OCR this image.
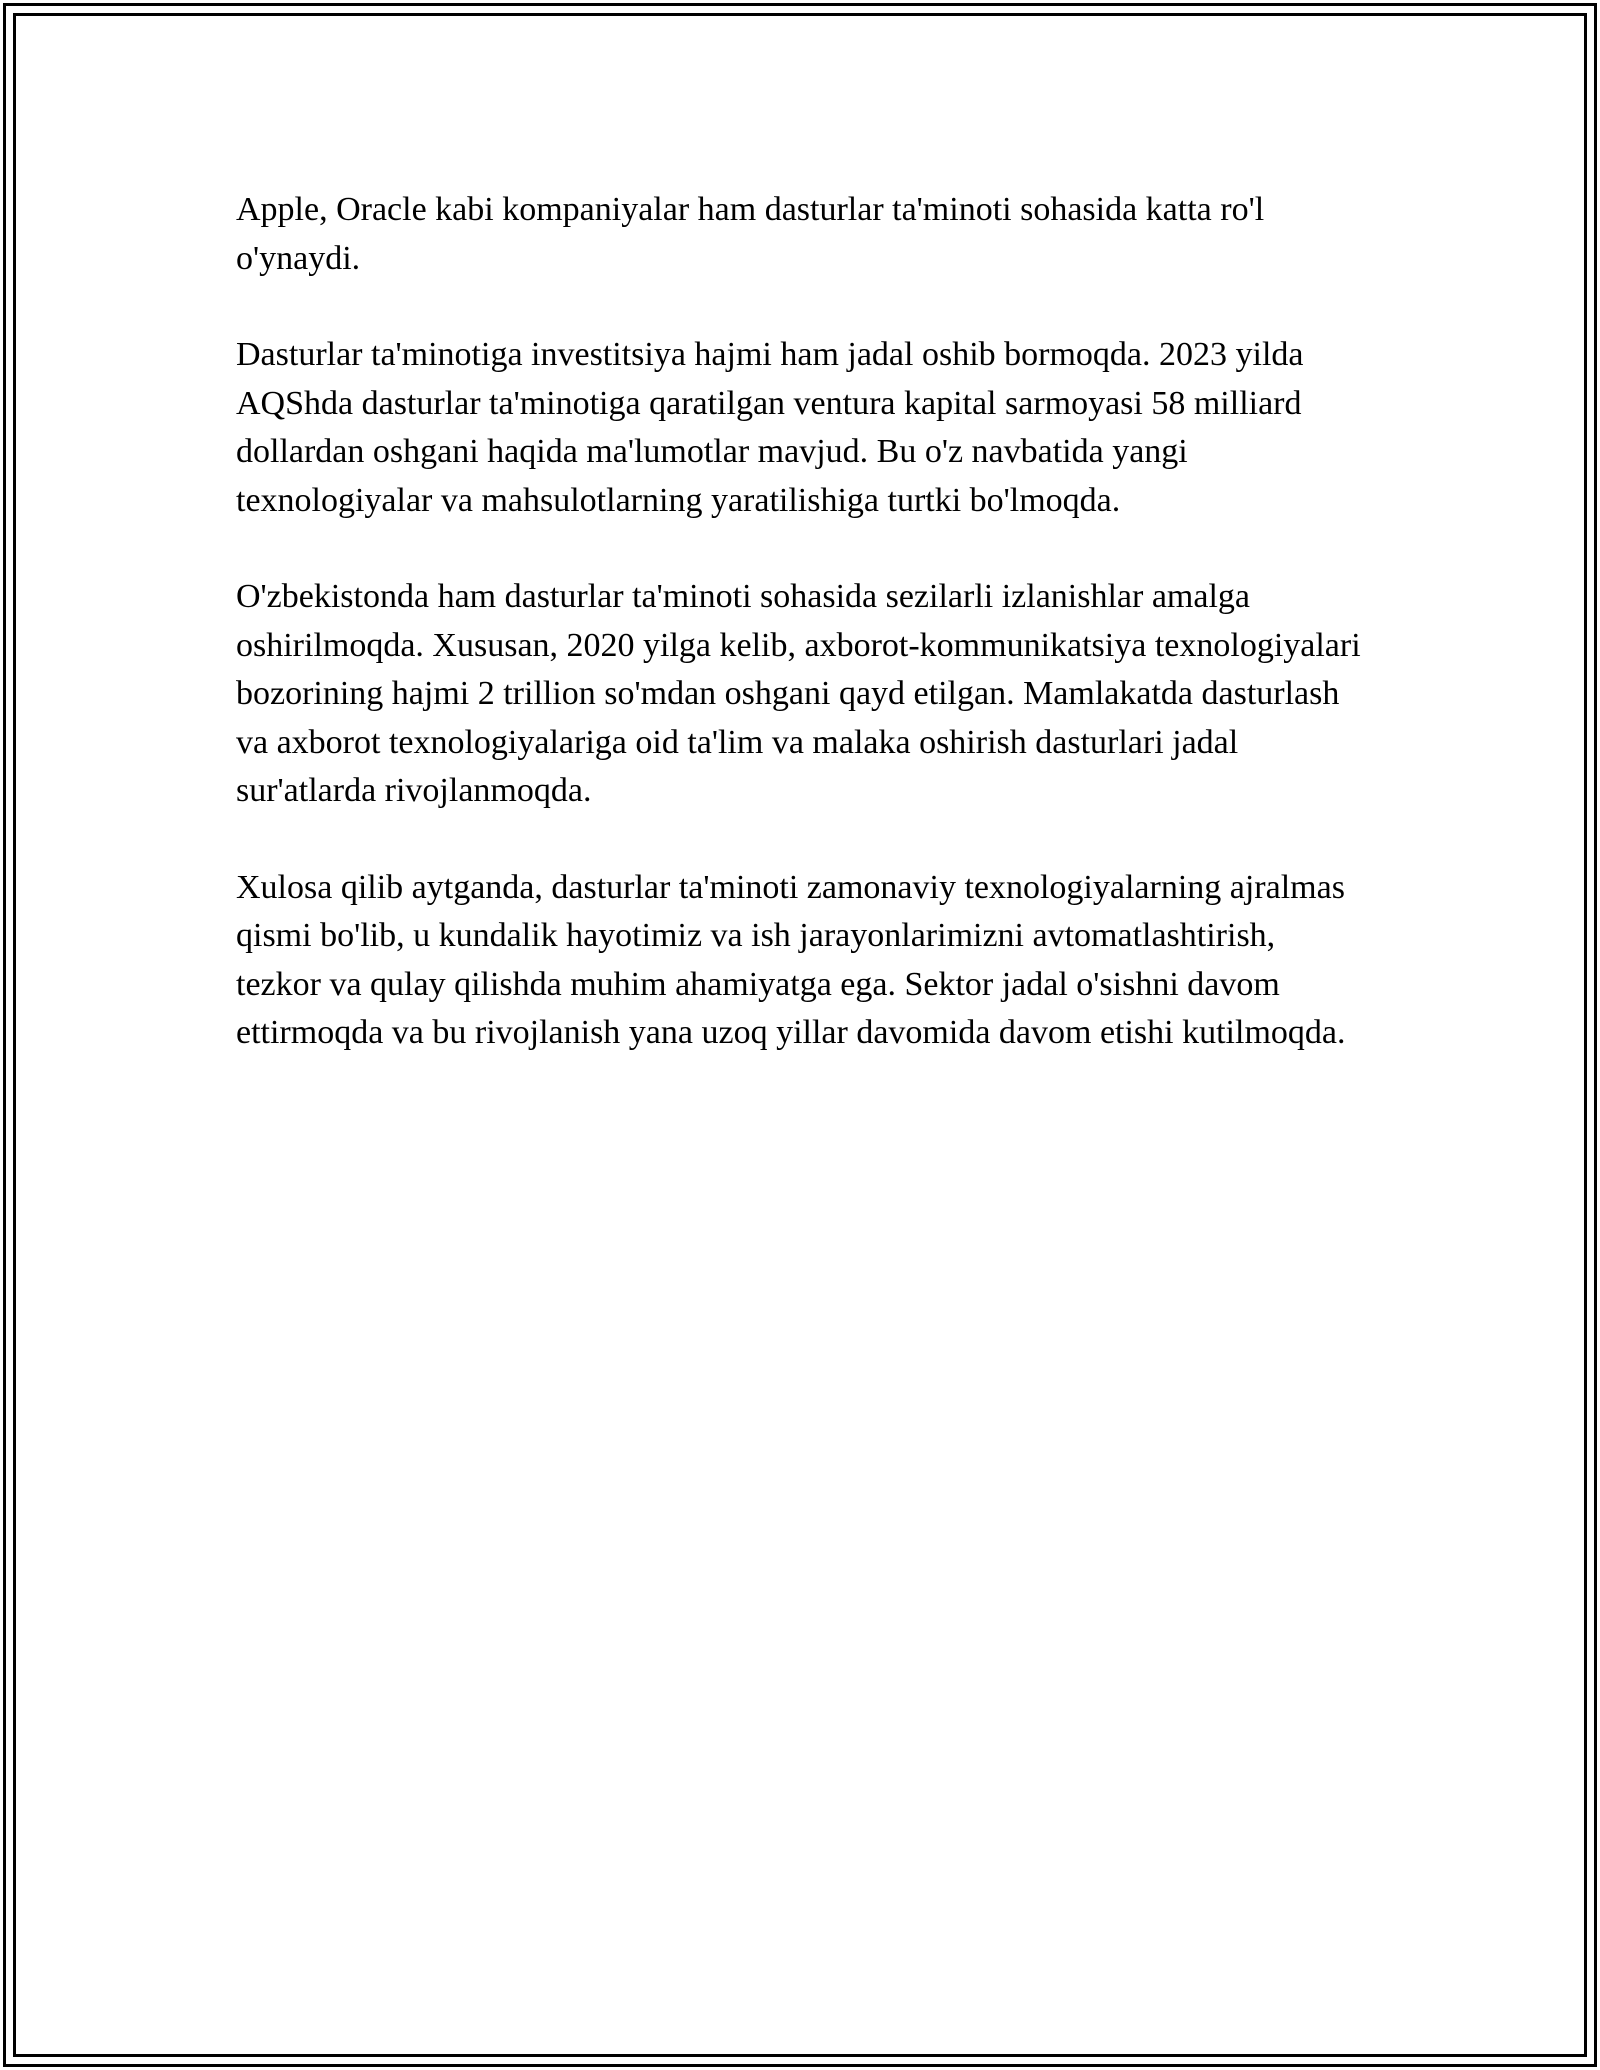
Apple, Oracle kabi kompaniyalar ham dasturlar ta'minoti sohasida katta ro'l o'ynaydi.

Dasturlar ta'minotiga investitsiya hajmi ham jadal oshib bormoqda. 2023 yilda AQShda dasturlar ta'minotiga qaratilgan ventura kapital sarmoyasi 58 milliard dollardan oshgani haqida ma'lumotlar mavjud. Bu o'z navbatida yangi texnologiyalar va mahsulotlarning yaratilishiga turtki bo'lmoqda.

O'zbekistonda ham dasturlar ta'minoti sohasida sezilarli izlanishlar amalga oshirilmoqda. Xususan, 2020 yilga kelib, axborot-kommunikatsiya texnologiyalari bozorining hajmi 2 trillion so'mdan oshgani qayd etilgan. Mamlakatda dasturlash va axborot texnologiyalariga oid ta'lim va malaka oshirish dasturlari jadal sur'atlarda rivojlanmoqda.

Xulosa qilib aytganda, dasturlar ta'minoti zamonaviy texnologiyalarning ajralmas qismi bo'lib, u kundalik hayotimiz va ish jarayonlarimizni avtomatlashtirish, tezkor va qulay qilishda muhim ahamiyatga ega. Sektor jadal o'sishni davom ettirmoqda va bu rivojlanish yana uzoq yillar davomida davom etishi kutilmoqda.
